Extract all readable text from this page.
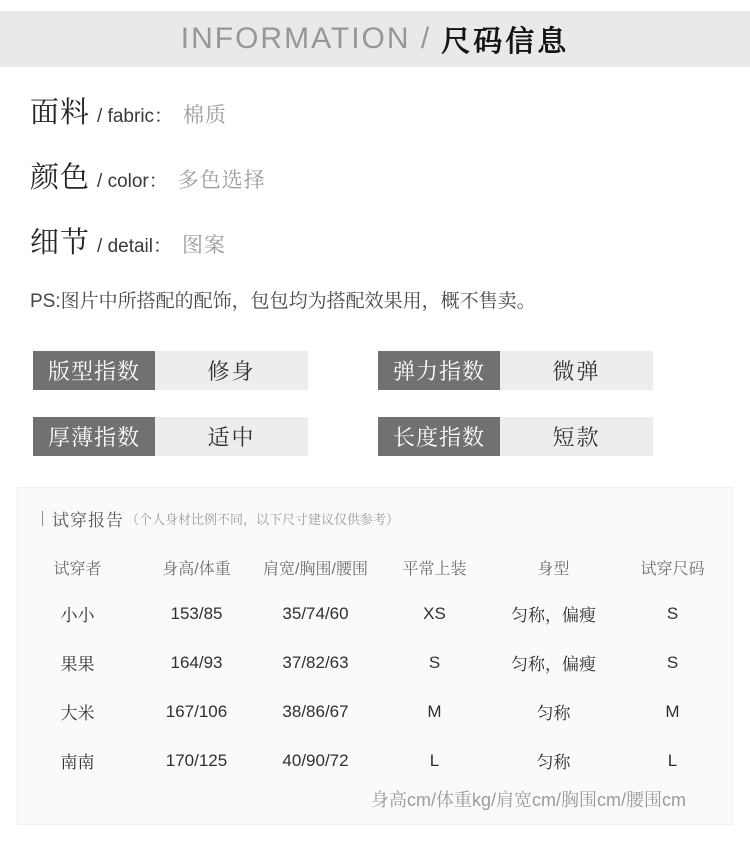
INFORMATION / 尺码信息
面料 / fabric： 棉质
颜色 / color： 多色选择
细节 / detail： 图案
PS:图片中所搭配的配饰，包包均为搭配效果用，概不售卖。
版型指数	修身	弹力指数	微弹
厚薄指数	适中	长度指数	短款
试穿报告 （个人身材比例不同，以下尺寸建议仅供参考）
试穿者	身高/体重	肩宽/胸围/腰围	平常上装	身型	试穿尺码
小小	153/85	35/74/60	XS	匀称，偏瘦	S
果果	164/93	37/82/63	S	匀称，偏瘦	S
大米	167/106	38/86/67	M	匀称	M
南南	170/125	40/90/72	L	匀称	L
身高cm/体重kg/肩宽cm/胸围cm/腰围cm
